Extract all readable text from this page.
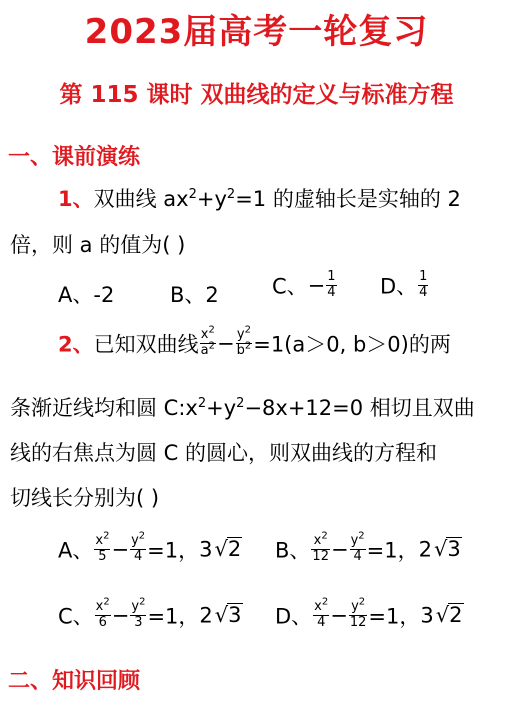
2023届高考一轮复习
第 115 课时 双曲线的定义与标准方程
一、课前演练
1、双曲线 $ax^2+y^2=1$ 的虚轴长是实轴的 2
倍，则 a 的值为( )
A、-2	B、2	C、− $\frac{1}{4}$ D、 $\frac{1}{4}$
2、已知双曲线 $\frac{x^2}{a^2} - \frac{y^2}{b^2} =1(a>0$, b＞0)的两
条渐近线均和圆 $C:x^2+y^2-8x+12=0$ 相切且双曲
线的右焦点为圆 C 的圆心，则双曲线的方程和
切线长分别为( )
A、 $\frac{x^2}{5} - \frac{y^2}{4} =1$，3√2 B、 $\frac{x^2}{12} - \frac{y^2}{4} =1$，2√3
C、 $\frac{x^2}{6} - \frac{y^2}{3} =1$，2√3 D、 $\frac{x^2}{4} - \frac{y^2}{12} =1$，3√2
二、知识回顾
